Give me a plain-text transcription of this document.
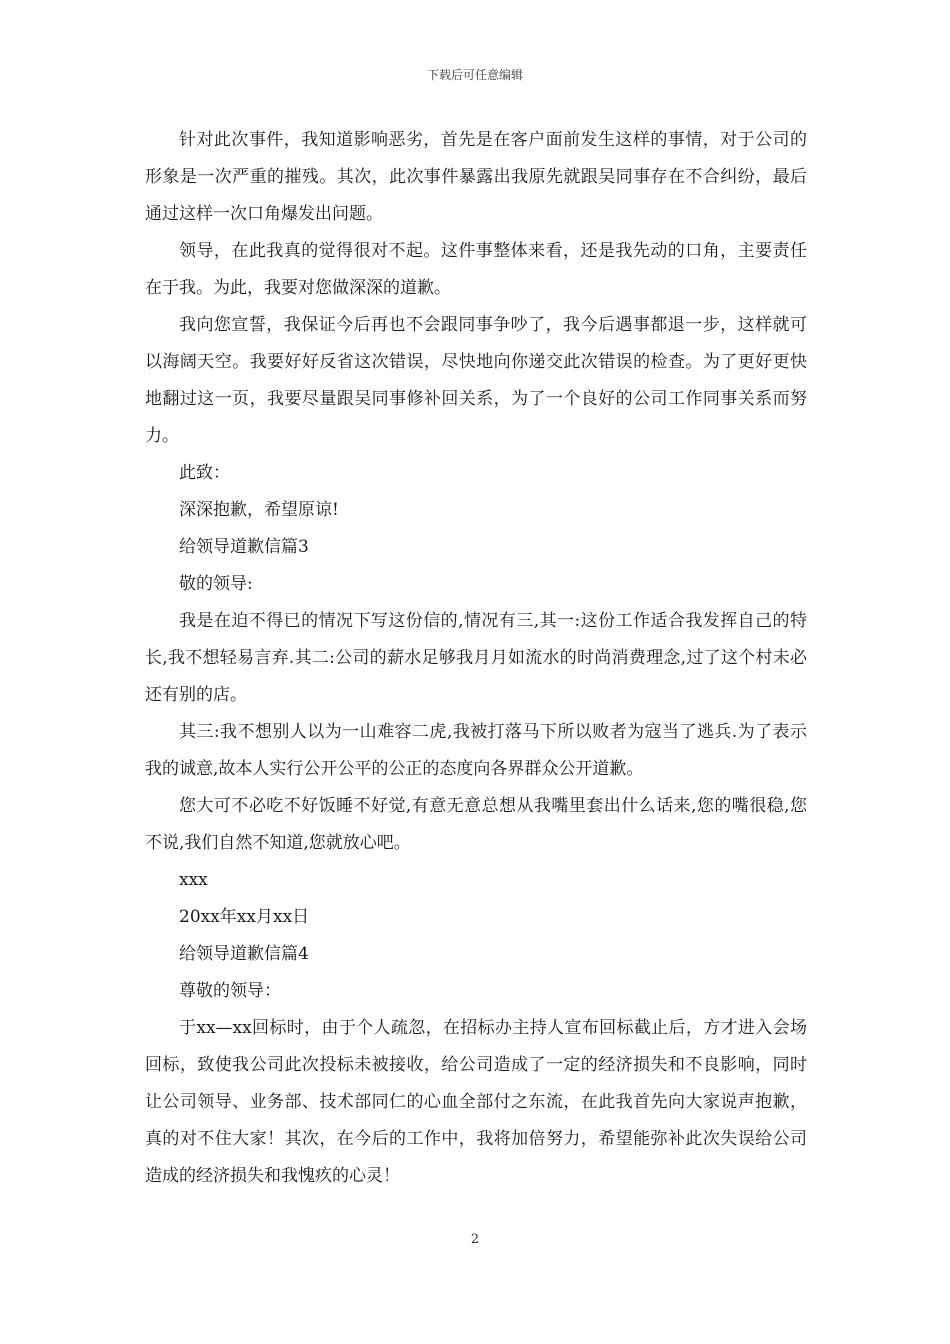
下载后可任意编辑

针对此次事件，我知道影响恶劣，首先是在客户面前发生这样的事情，对于公司的形象是一次严重的摧残。其次，此次事件暴露出我原先就跟吴同事存在不合纠纷，最后通过这样一次口角爆发出问题。

领导，在此我真的觉得很对不起。这件事整体来看，还是我先动的口角，主要责任在于我。为此，我要对您做深深的道歉。

我向您宣誓，我保证今后再也不会跟同事争吵了，我今后遇事都退一步，这样就可以海阔天空。我要好好反省这次错误，尽快地向你递交此次错误的检查。为了更好更快地翻过这一页，我要尽量跟吴同事修补回关系，为了一个良好的公司工作同事关系而努力。

此致：

深深抱歉，希望原谅!

给领导道歉信篇3

敬的领导:

我是在迫不得已的情况下写这份信的,情况有三,其一:这份工作适合我发挥自己的特长,我不想轻易言弃.其二:公司的薪水足够我月月如流水的时尚消费理念,过了这个村未必还有别的店。

其三:我不想别人以为一山难容二虎,我被打落马下所以败者为寇当了逃兵.为了表示我的诚意,故本人实行公开公平的公正的态度向各界群众公开道歉。

您大可不必吃不好饭睡不好觉,有意无意总想从我嘴里套出什么话来,您的嘴很稳,您不说,我们自然不知道,您就放心吧。

xxx

20xx年xx月xx日

给领导道歉信篇4

尊敬的领导：

于xx—xx回标时，由于个人疏忽，在招标办主持人宣布回标截止后，方才进入会场回标，致使我公司此次投标未被接收，给公司造成了一定的经济损失和不良影响，同时让公司领导、业务部、技术部同仁的心血全部付之东流，在此我首先向大家说声抱歉，真的对不住大家！其次，在今后的工作中，我将加倍努力，希望能弥补此次失误给公司造成的经济损失和我愧疚的心灵！

2
